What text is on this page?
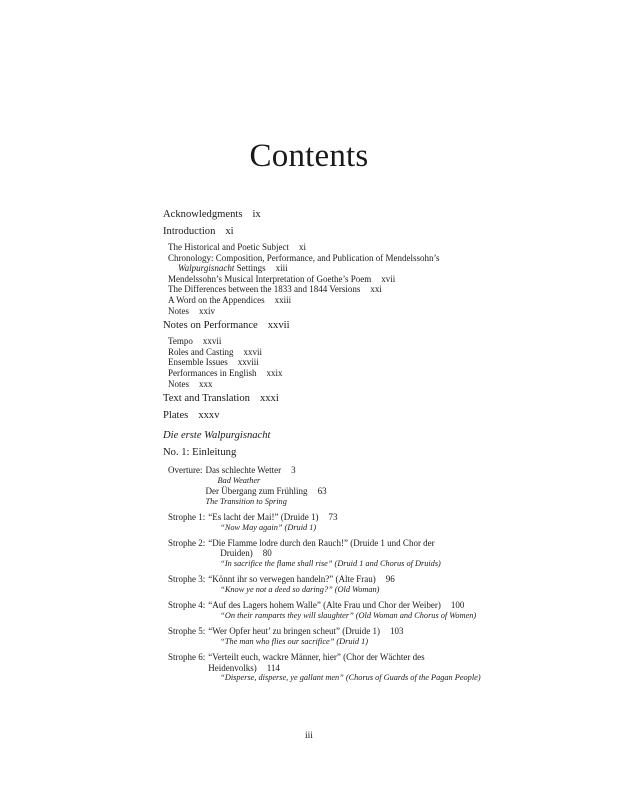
Contents
Acknowledgments ix
Introduction xi
The Historical and Poetic Subject xi
Chronology: Composition, Performance, and Publication of Mendelssohn’s
Walpurgisnacht Settings xiii
Mendelssohn’s Musical Interpretation of Goethe’s Poem xvii
The Differences between the 1833 and 1844 Versions xxi
A Word on the Appendices xxiii
Notes xxiv
Notes on Performance xxvii
Tempo xxvii
Roles and Casting xxvii
Ensemble Issues xxviii
Performances in English xxix
Notes xxx
Text and Translation xxxi
Plates xxxv
Die erste Walpurgisnacht
No. 1: Einleitung
Overture: Das schlechte Wetter 3
Bad Weather
Der Übergang zum Frühling 63
The Transition to Spring
Strophe 1: “Es lacht der Mai!” (Druide 1) 73
“Now May again” (Druid 1)
Strophe 2: “Die Flamme lodre durch den Rauch!” (Druide 1 und Chor der
Druiden) 80
“In sacrifice the flame shall rise” (Druid 1 and Chorus of Druids)
Strophe 3: “Könnt ihr so verwegen handeln?” (Alte Frau) 96
“Know ye not a deed so daring?” (Old Woman)
Strophe 4: “Auf des Lagers hohem Walle” (Alte Frau und Chor der Weiber) 100
“On their ramparts they will slaughter” (Old Woman and Chorus of Women)
Strophe 5: “Wer Opfer heut’ zu bringen scheut” (Druide 1) 103
“The man who flies our sacrifice” (Druid 1)
Strophe 6: “Verteilt euch, wackre Männer, hier” (Chor der Wächter des
Heidenvolks) 114
“Disperse, disperse, ye gallant men” (Chorus of Guards of the Pagan People)
iii
